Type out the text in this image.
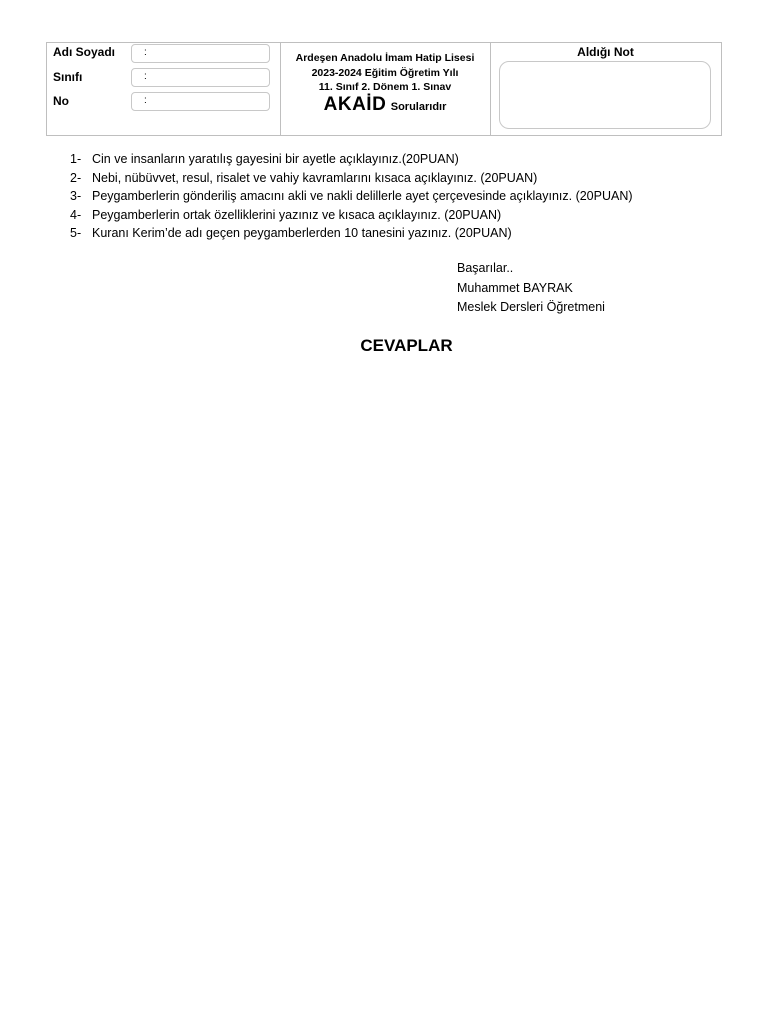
Adı Soyadı	:
Sınıfı	:
No	:
Ardeşen Anadolu İmam Hatip Lisesi
2023-2024 Eğitim Öğretim Yılı
11. Sınıf 2. Dönem 1. Sınav
AKAİD Sorularıdır
Aldığı Not
1- Cin ve insanların yaratılış gayesini bir ayetle açıklayınız.(20PUAN)
2- Nebi, nübüvvet, resul, risalet ve vahiy kavramlarını kısaca açıklayınız. (20PUAN)
3- Peygamberlerin gönderiliş amacını akli ve nakli delillerle ayet çerçevesinde açıklayınız. (20PUAN)
4- Peygamberlerin ortak özelliklerini yazınız ve kısaca açıklayınız. (20PUAN)
5- Kuranı Kerim’de adı geçen peygamberlerden 10 tanesini yazınız. (20PUAN)
Başarılar..
Muhammet BAYRAK
Meslek Dersleri Öğretmeni
CEVAPLAR
